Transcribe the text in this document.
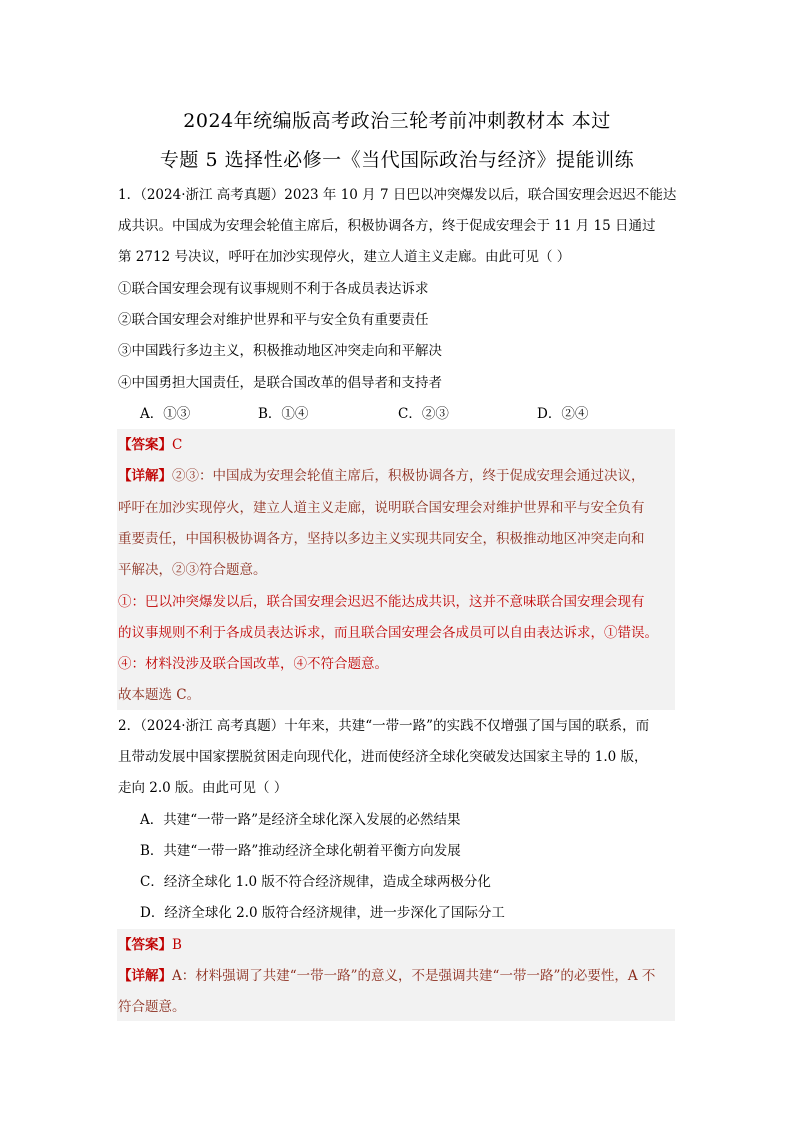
2024年统编版高考政治三轮考前冲刺教材本 本过
专题 5 选择性必修一《当代国际政治与经济》提能训练
1．（2024·浙江 高考真题）2023 年 10 月 7 日巴以冲突爆发以后，联合国安理会迟迟不能达
成共识。中国成为安理会轮值主席后，积极协调各方，终于促成安理会于 11 月 15 日通过
第 2712 号决议，呼吁在加沙实现停火，建立人道主义走廊。由此可见（ ）
①联合国安理会现有议事规则不利于各成员表达诉求
②联合国安理会对维护世界和平与安全负有重要责任
③中国践行多边主义，积极推动地区冲突走向和平解决
④中国勇担大国责任，是联合国改革的倡导者和支持者
A．①③	B．①④	C．②③	D．②④
【答案】C
【详解】②③：中国成为安理会轮值主席后，积极协调各方，终于促成安理会通过决议，
呼吁在加沙实现停火，建立人道主义走廊，说明联合国安理会对维护世界和平与安全负有
重要责任，中国积极协调各方，坚持以多边主义实现共同安全，积极推动地区冲突走向和
平解决，②③符合题意。
①：巴以冲突爆发以后，联合国安理会迟迟不能达成共识，这并不意味联合国安理会现有
的议事规则不利于各成员表达诉求，而且联合国安理会各成员可以自由表达诉求，①错误。
④：材料没涉及联合国改革，④不符合题意。
故本题选 C。
2．（2024·浙江 高考真题）十年来，共建“一带一路”的实践不仅增强了国与国的联系，而
且带动发展中国家摆脱贫困走向现代化，进而使经济全球化突破发达国家主导的 1.0 版，
走向 2.0 版。由此可见（ ）
A．共建“一带一路”是经济全球化深入发展的必然结果
B．共建“一带一路”推动经济全球化朝着平衡方向发展
C．经济全球化 1.0 版不符合经济规律，造成全球两极分化
D．经济全球化 2.0 版符合经济规律，进一步深化了国际分工
【答案】B
【详解】A：材料强调了共建“一带一路”的意义，不是强调共建“一带一路”的必要性，A 不
符合题意。
